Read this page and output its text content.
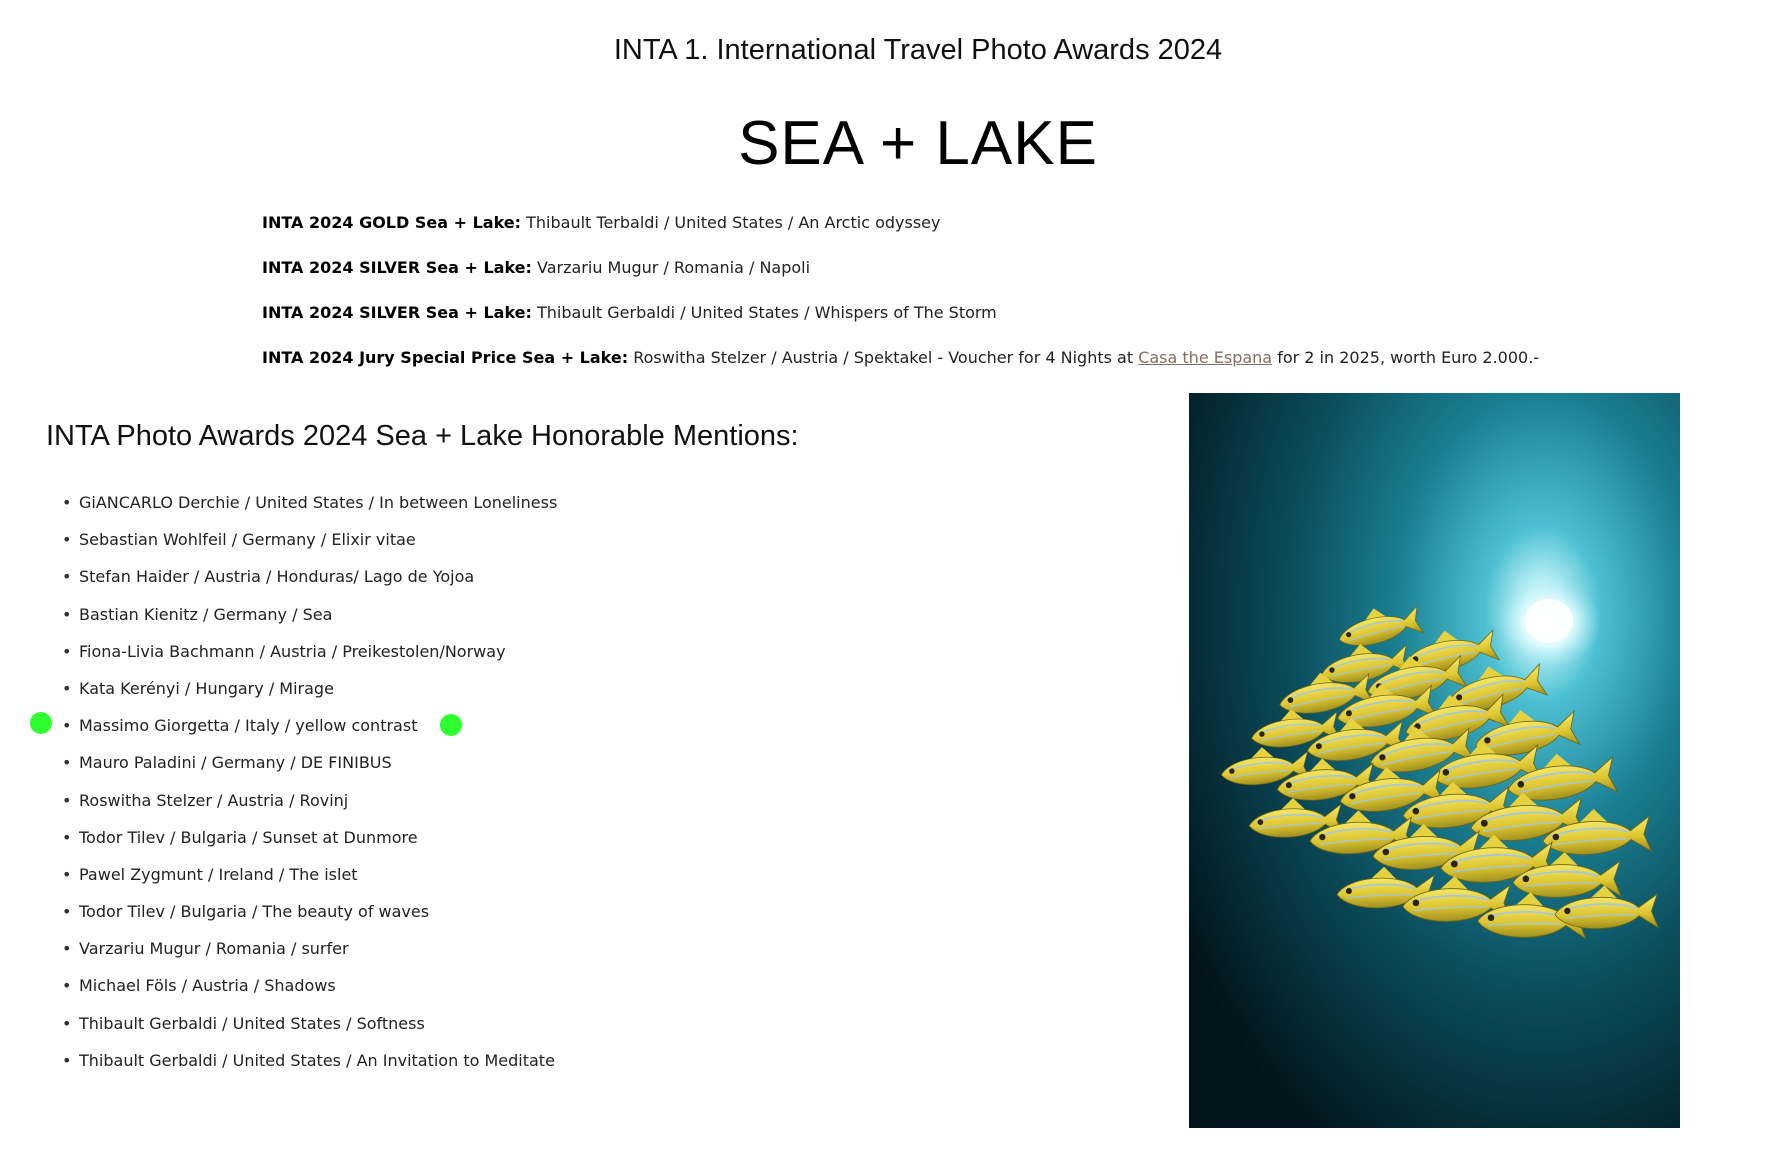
INTA 1. International Travel Photo Awards 2024
SEA + LAKE
INTA 2024 GOLD Sea + Lake: Thibault Terbaldi / United States / An Arctic odyssey
INTA 2024 SILVER Sea + Lake: Varzariu Mugur / Romania / Napoli
INTA 2024 SILVER Sea + Lake: Thibault Gerbaldi / United States / Whispers of The Storm
INTA 2024 Jury Special Price Sea + Lake: Roswitha Stelzer / Austria / Spektakel - Voucher for 4 Nights at Casa the Espana for 2 in 2025, worth Euro 2.000.-
INTA Photo Awards 2024 Sea + Lake Honorable Mentions:
• GiANCARLO Derchie / United States / In between Loneliness
• Sebastian Wohlfeil / Germany / Elixir vitae
• Stefan Haider / Austria / Honduras/ Lago de Yojoa
• Bastian Kienitz / Germany / Sea
• Fiona-Livia Bachmann / Austria / Preikestolen/Norway
• Kata Kerényi / Hungary / Mirage
• Massimo Giorgetta / Italy / yellow contrast
• Mauro Paladini / Germany / DE FINIBUS
• Roswitha Stelzer / Austria / Rovinj
• Todor Tilev / Bulgaria / Sunset at Dunmore
• Pawel Zygmunt / Ireland / The islet
• Todor Tilev / Bulgaria / The beauty of waves
• Varzariu Mugur / Romania / surfer
• Michael Föls / Austria / Shadows
• Thibault Gerbaldi / United States / Softness
• Thibault Gerbaldi / United States / An Invitation to Meditate
